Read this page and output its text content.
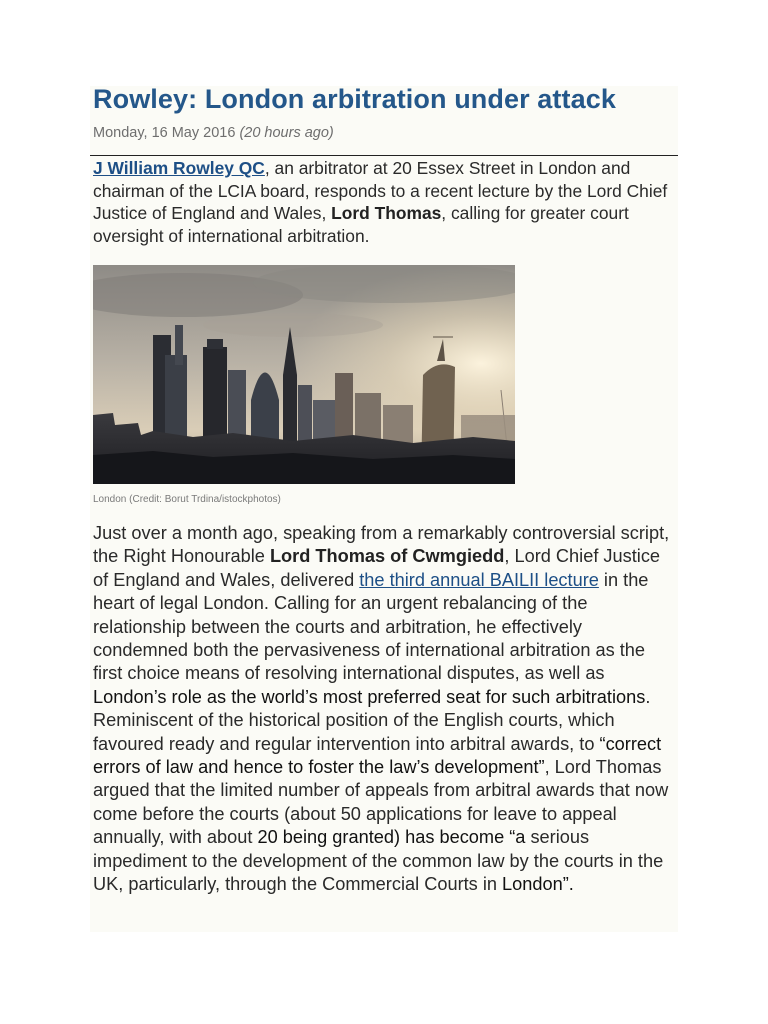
Rowley: London arbitration under attack
Monday, 16 May 2016 (20 hours ago)

J William Rowley QC, an arbitrator at 20 Essex Street in London and chairman of the LCIA board, responds to a recent lecture by the Lord Chief Justice of England and Wales, Lord Thomas, calling for greater court oversight of international arbitration.

London (Credit: Borut Trdina/istockphotos)

Just over a month ago, speaking from a remarkably controversial script, the Right Honourable Lord Thomas of Cwmgiedd, Lord Chief Justice of England and Wales, delivered the third annual BAILII lecture in the heart of legal London. Calling for an urgent rebalancing of the relationship between the courts and arbitration, he effectively condemned both the pervasiveness of international arbitration as the first choice means of resolving international disputes, as well as London’s role as the world’s most preferred seat for such arbitrations. Reminiscent of the historical position of the English courts, which favoured ready and regular intervention into arbitral awards, to “correct errors of law and hence to foster the law’s development”, Lord Thomas argued that the limited number of appeals from arbitral awards that now come before the courts (about 50 applications for leave to appeal annually, with about 20 being granted) has become “a serious impediment to the development of the common law by the courts in the UK, particularly, through the Commercial Courts in London”.
